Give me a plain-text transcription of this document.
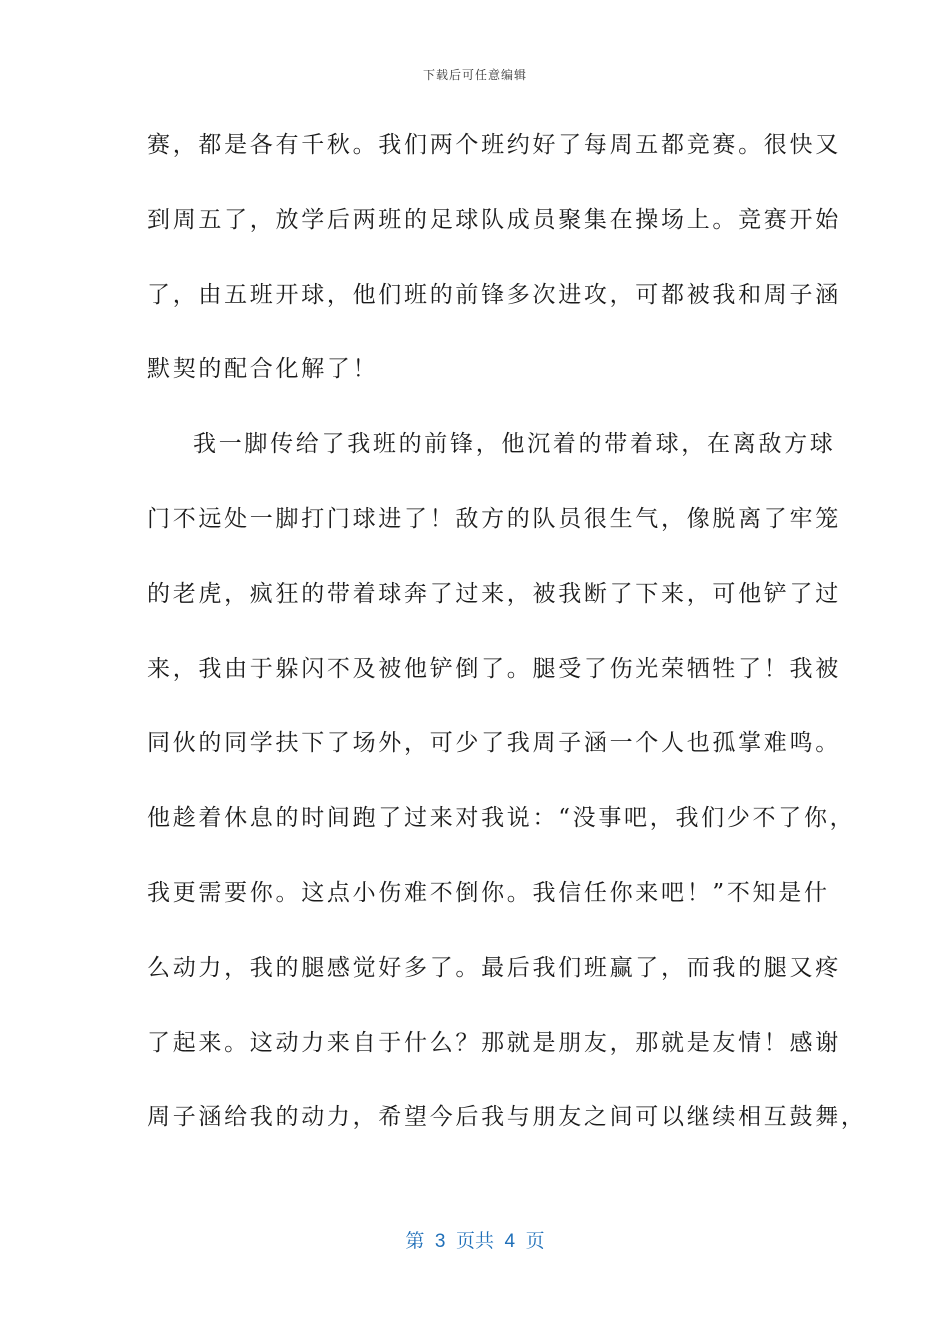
下载后可任意编辑
赛，都是各有千秋。我们两个班约好了每周五都竞赛。很快又
到周五了，放学后两班的足球队成员聚集在操场上。竞赛开始
了，由五班开球，他们班的前锋多次进攻，可都被我和周子涵
默契的配合化解了！
我一脚传给了我班的前锋，他沉着的带着球，在离敌方球
门不远处一脚打门球进了！敌方的队员很生气，像脱离了牢笼
的老虎，疯狂的带着球奔了过来，被我断了下来，可他铲了过
来，我由于躲闪不及被他铲倒了。腿受了伤光荣牺牲了！我被
同伙的同学扶下了场外，可少了我周子涵一个人也孤掌难鸣。
他趁着休息的时间跑了过来对我说：“没事吧，我们少不了你，
我更需要你。这点小伤难不倒你。我信任你来吧！”不知是什
么动力，我的腿感觉好多了。最后我们班赢了，而我的腿又疼
了起来。这动力来自于什么？那就是朋友，那就是友情！感谢
周子涵给我的动力，希望今后我与朋友之间可以继续相互鼓舞，
第  3  页共  4  页
